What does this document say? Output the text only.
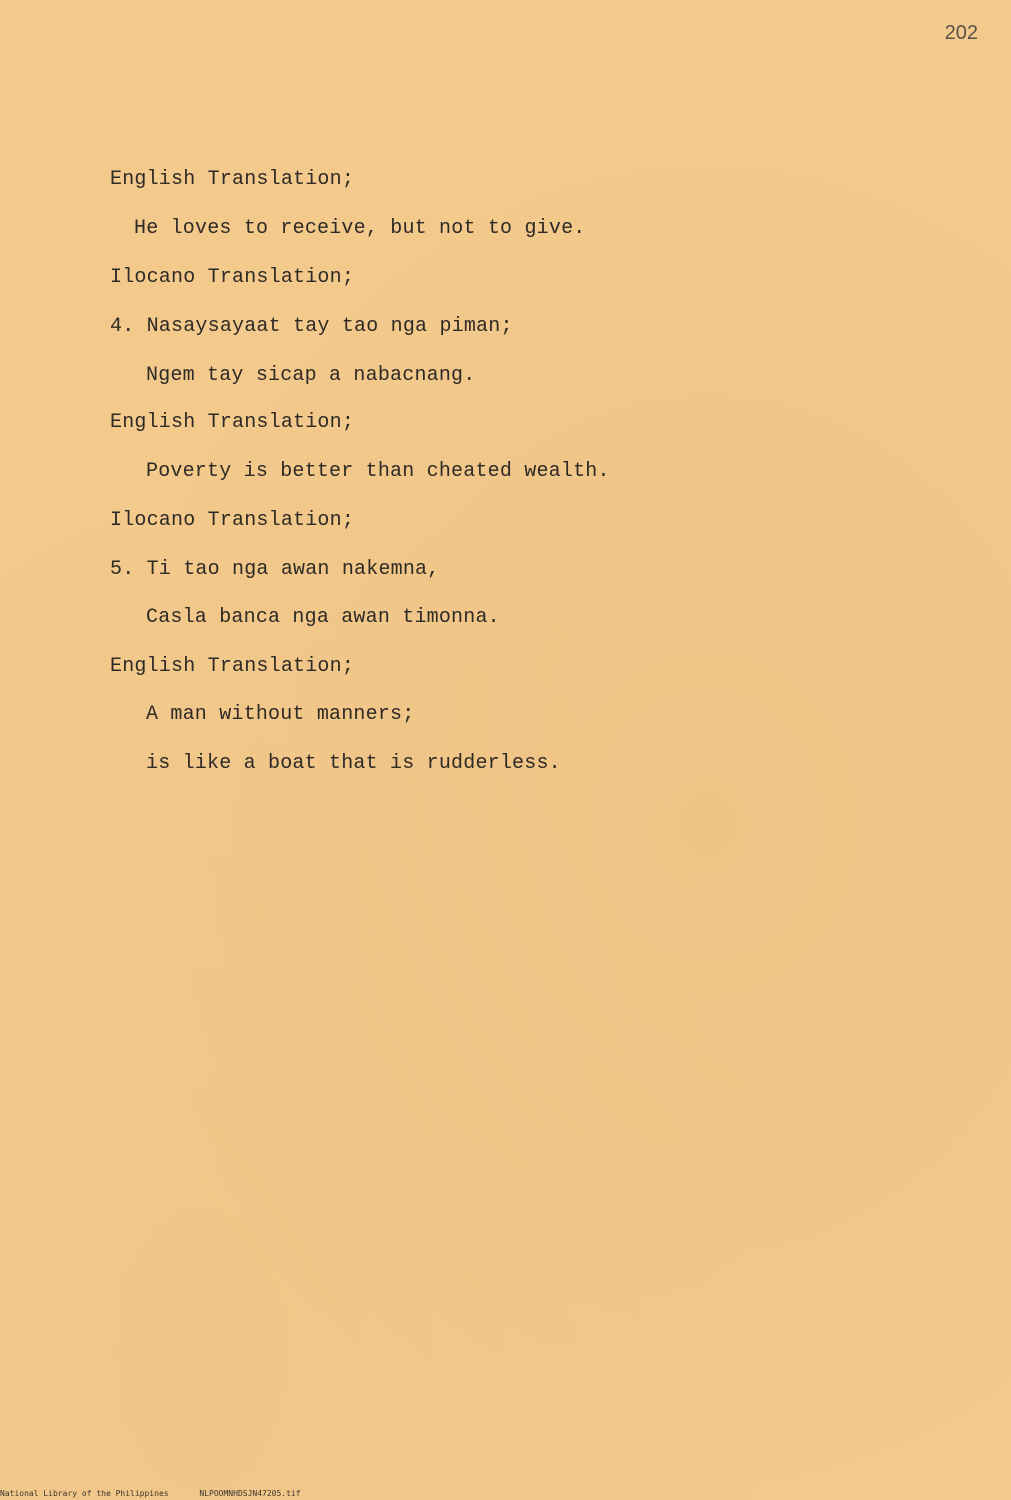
202
English Translation;
He loves to receive, but not to give.
Ilocano Translation;
4. Nasaysayaat tay tao nga piman;
Ngem tay sicap a nabacnang.
English Translation;
Poverty is better than cheated wealth.
Ilocano Translation;
5. Ti tao nga awan nakemna,
Casla banca nga awan timonna.
English Translation;
A man without manners;
is like a boat that is rudderless.
National Library of the Philippines	NLPOOMNHDSJN47205.tif
